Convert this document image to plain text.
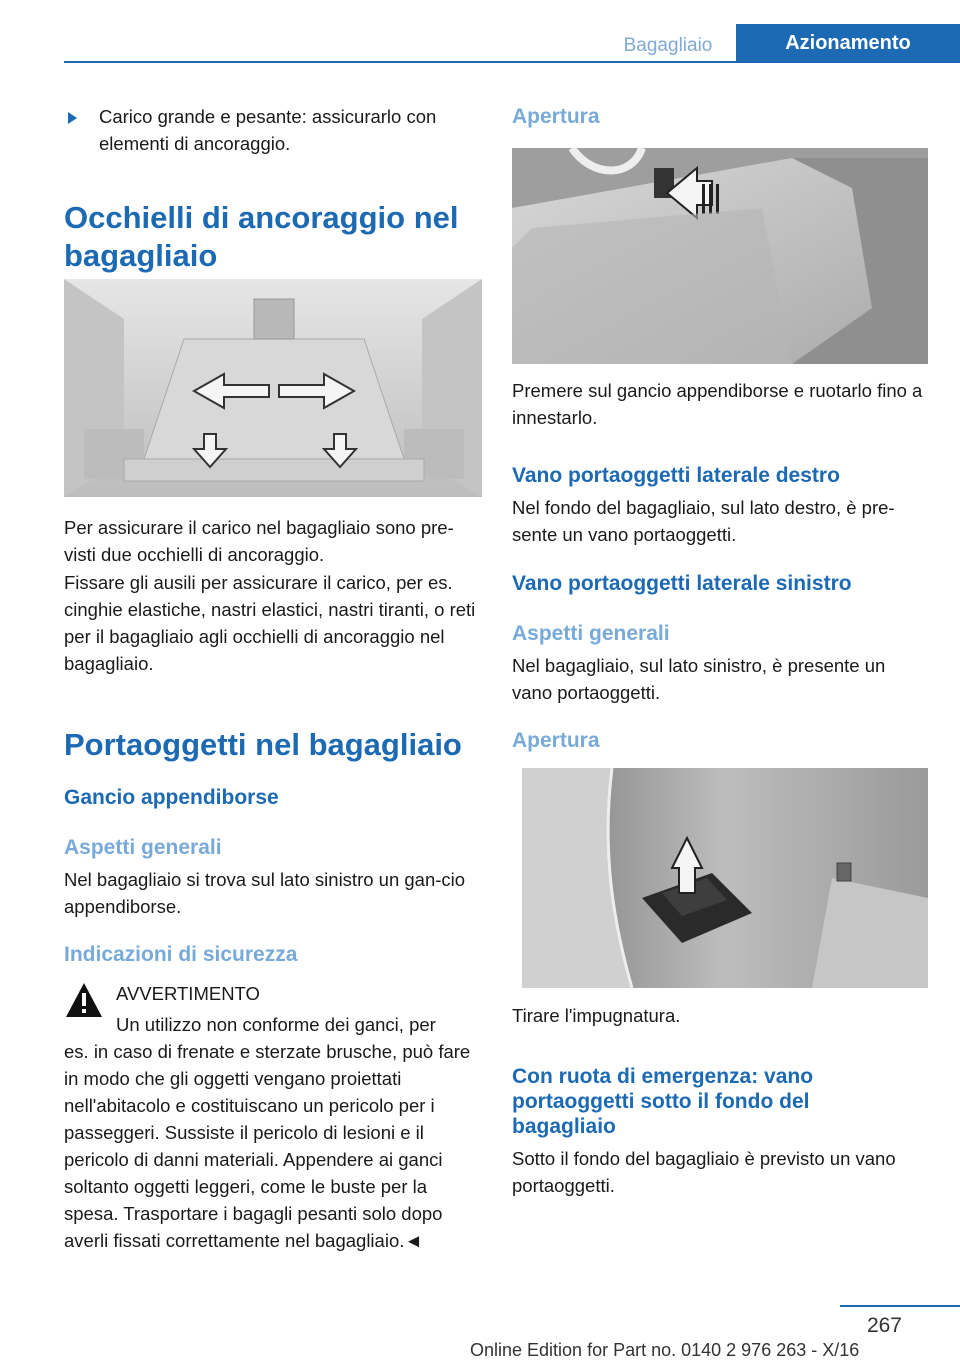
Bagagliaio	Azionamento

Carico grande e pesante: assicurarlo con elementi di ancoraggio.

Occhielli di ancoraggio nel bagagliaio

Per assicurare il carico nel bagagliaio sono pre-visti due occhielli di ancoraggio.

Fissare gli ausili per assicurare il carico, per es. cinghie elastiche, nastri elastici, nastri tiranti, o reti per il bagagliaio agli occhielli di ancoraggio nel bagagliaio.

Portaoggetti nel bagagliaio
Gancio appendiborse
Aspetti generali

Nel bagagliaio si trova sul lato sinistro un gan-cio appendiborse.

Indicazioni di sicurezza

AVVERTIMENTO

Un utilizzo non conforme dei ganci, per

es. in caso di frenate e sterzate brusche, può fare in modo che gli oggetti vengano proiettati nell'abitacolo e costituiscano un pericolo per i passeggeri. Sussiste il pericolo di lesioni e il pericolo di danni materiali. Appendere ai ganci soltanto oggetti leggeri, come le buste per la spesa. Trasportare i bagagli pesanti solo dopo averli fissati correttamente nel bagagliaio.◄

Apertura

Premere sul gancio appendiborse e ruotarlo fino a innestarlo.

Vano portaoggetti laterale destro

Nel fondo del bagagliaio, sul lato destro, è pre-sente un vano portaoggetti.

Vano portaoggetti laterale sinistro
Aspetti generali

Nel bagagliaio, sul lato sinistro, è presente un vano portaoggetti.

Apertura

Tirare l'impugnatura.

Con ruota di emergenza: vano portaoggetti sotto il fondo del bagagliaio

Sotto il fondo del bagagliaio è previsto un vano portaoggetti.

267
Online Edition for Part no. 0140 2 976 263 - X/16
